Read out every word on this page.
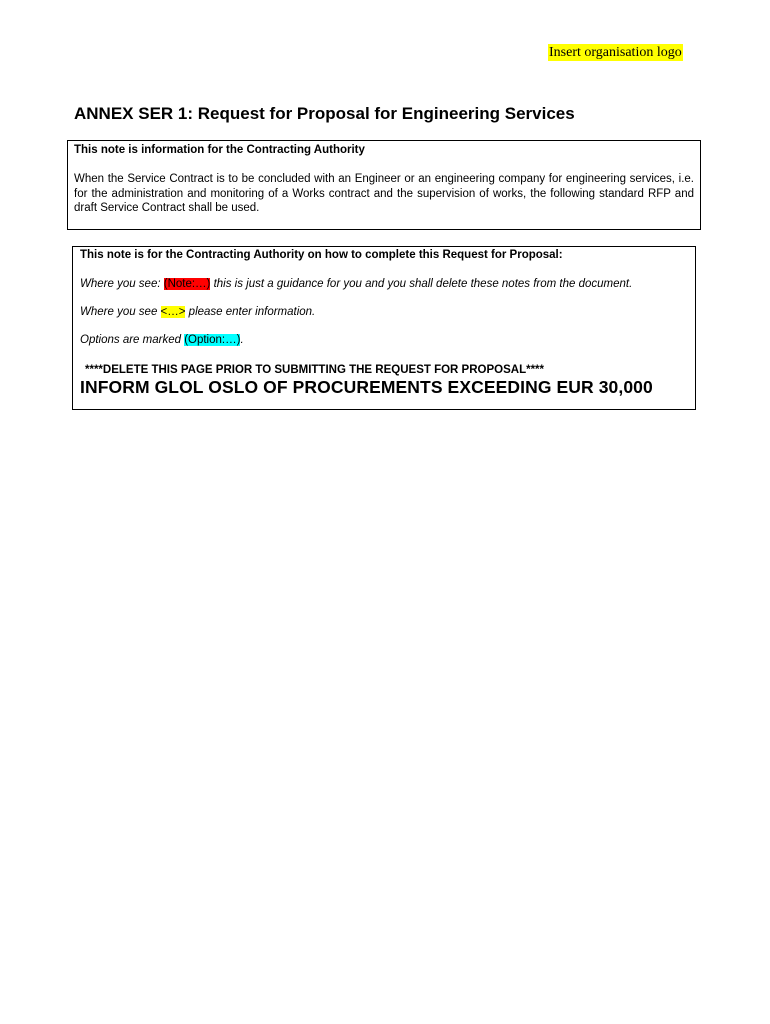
Insert organisation logo
ANNEX SER 1: Request for Proposal for Engineering Services
This note is information for the Contracting Authority
When the Service Contract is to be concluded with an Engineer or an engineering company for engineering services, i.e. for the administration and monitoring of a Works contract and the supervision of works, the following standard RFP and draft Service Contract shall be used.
This note is for the Contracting Authority on how to complete this Request for Proposal:

Where you see: (Note:…) this is just a guidance for you and you shall delete these notes from the document.

Where you see <…> please enter information.

Options are marked (Option:…).

****DELETE THIS PAGE PRIOR TO SUBMITTING THE REQUEST FOR PROPOSAL****
INFORM GLOL OSLO OF PROCUREMENTS EXCEEDING EUR 30,000
